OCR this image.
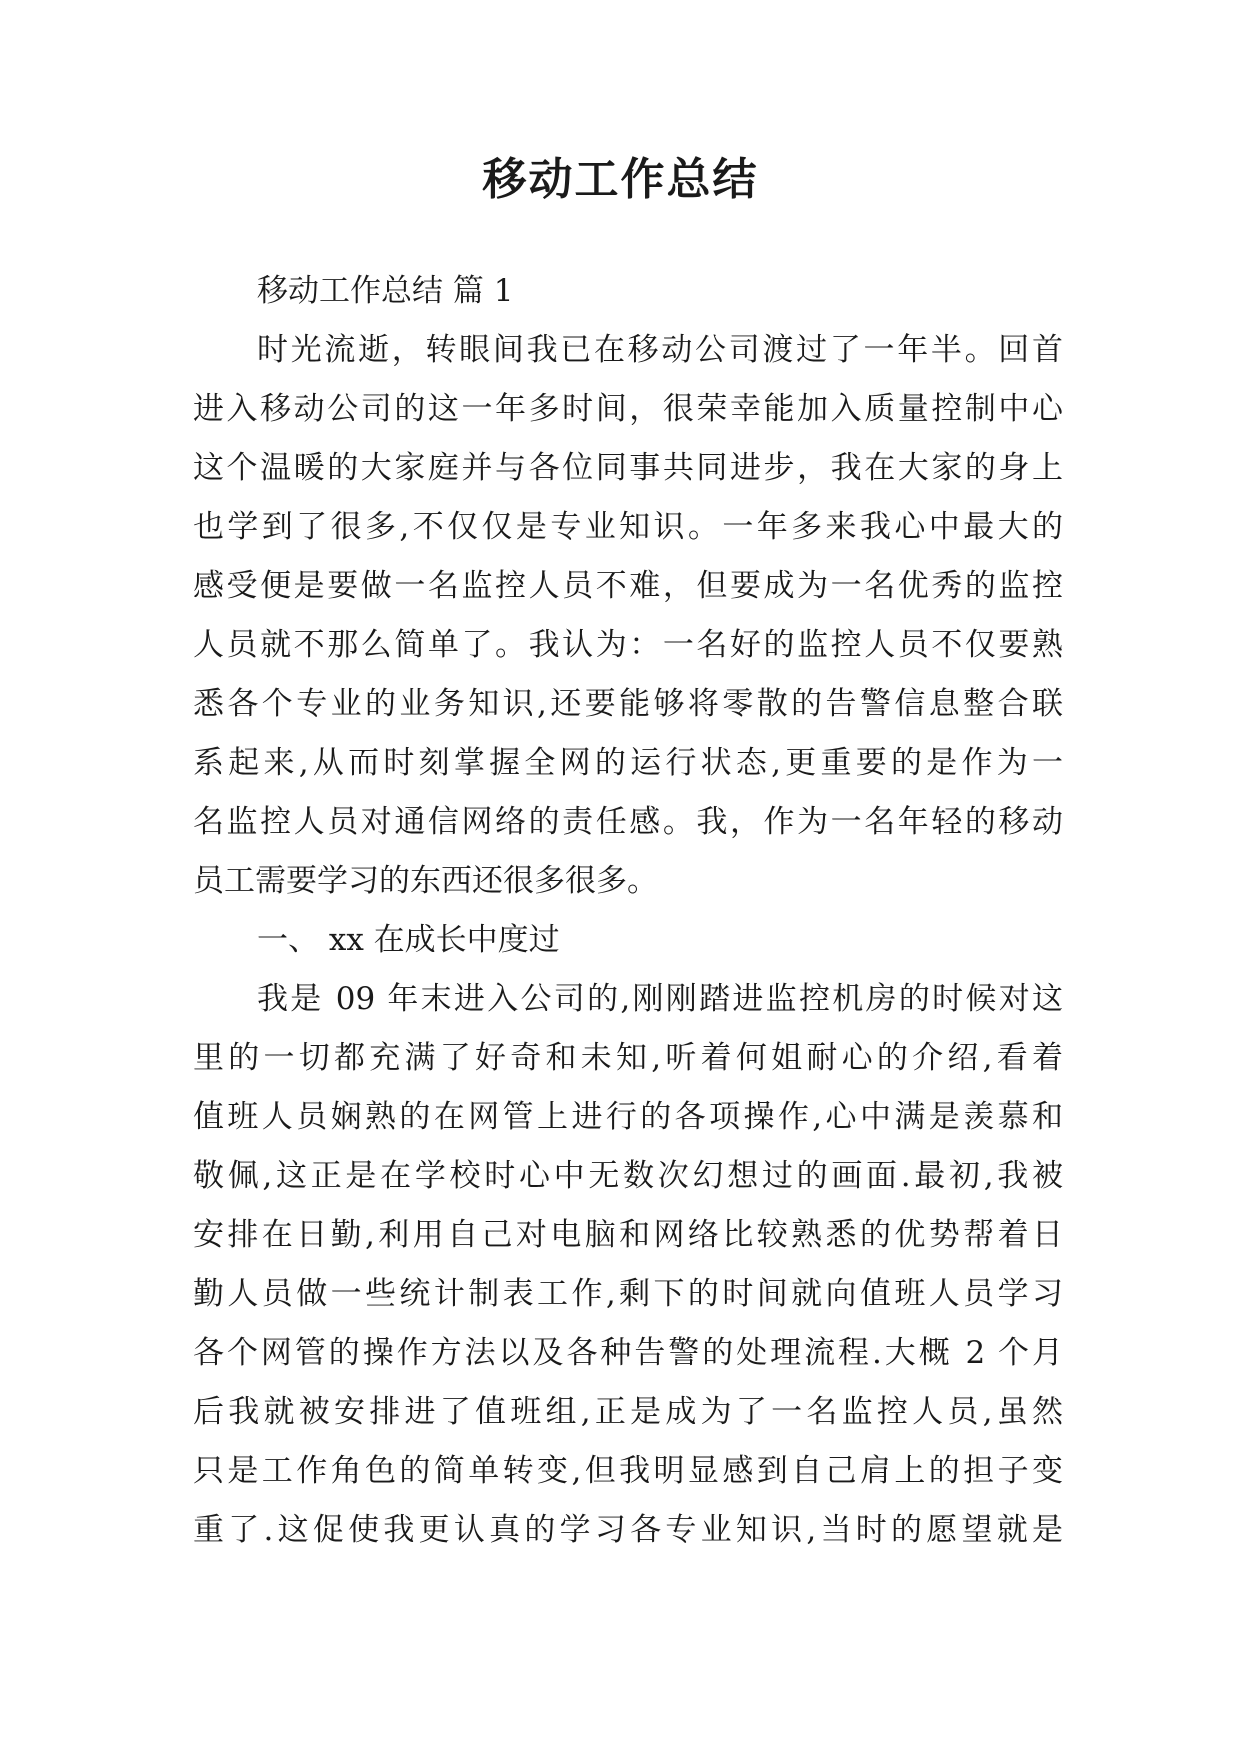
移动工作总结
移动工作总结 篇 1
时光流逝，转眼间我已在移动公司渡过了一年半。回首
进入移动公司的这一年多时间，很荣幸能加入质量控制中心
这个温暖的大家庭并与各位同事共同进步，我在大家的身上
也学到了很多,不仅仅是专业知识。一年多来我心中最大的
感受便是要做一名监控人员不难，但要成为一名优秀的监控
人员就不那么简单了。我认为：一名好的监控人员不仅要熟
悉各个专业的业务知识,还要能够将零散的告警信息整合联
系起来,从而时刻掌握全网的运行状态,更重要的是作为一
名监控人员对通信网络的责任感。我，作为一名年轻的移动
员工需要学习的东西还很多很多。
一、 xx 在成长中度过
我是 09 年末进入公司的,刚刚踏进监控机房的时候对这
里的一切都充满了好奇和未知,听着何姐耐心的介绍,看着
值班人员娴熟的在网管上进行的各项操作,心中满是羡慕和
敬佩,这正是在学校时心中无数次幻想过的画面.最初,我被
安排在日勤,利用自己对电脑和网络比较熟悉的优势帮着日
勤人员做一些统计制表工作,剩下的时间就向值班人员学习
各个网管的操作方法以及各种告警的处理流程.大概 2 个月
后我就被安排进了值班组,正是成为了一名监控人员,虽然
只是工作角色的简单转变,但我明显感到自己肩上的担子变
重了.这促使我更认真的学习各专业知识,当时的愿望就是
